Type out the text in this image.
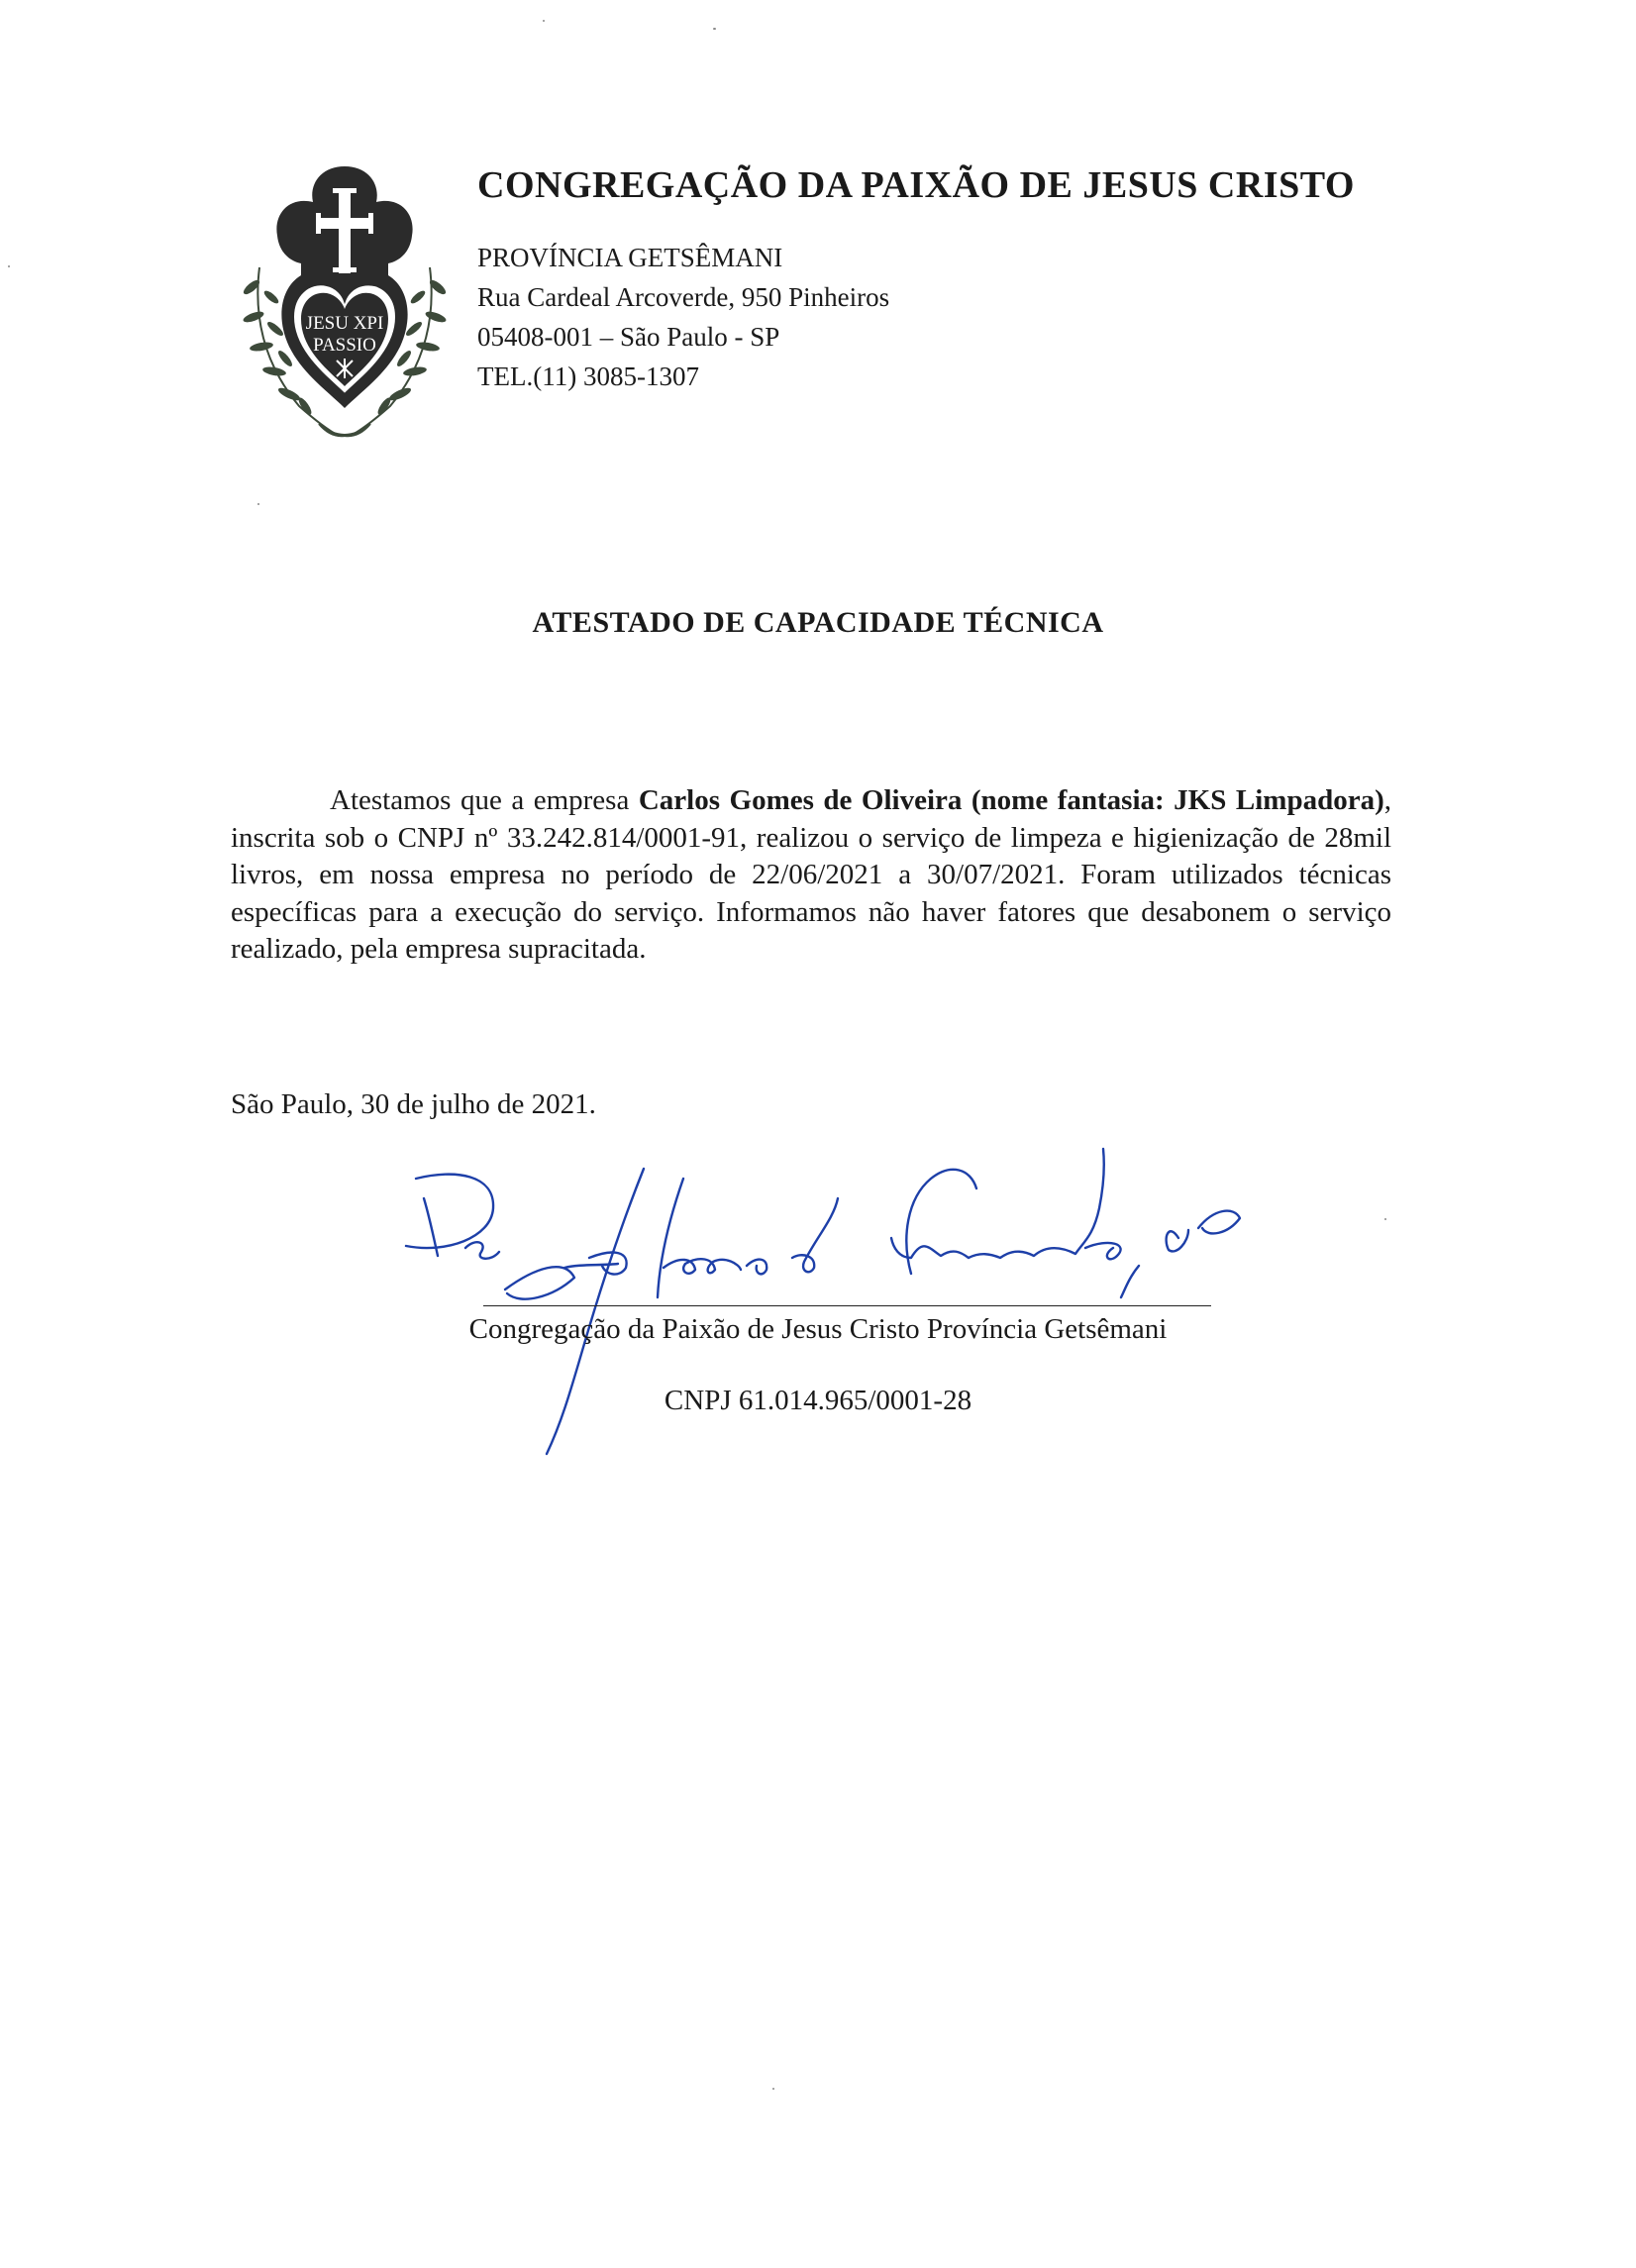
JESU XPI
PASSIO
CONGREGAÇÃO DA PAIXÃO DE JESUS CRISTO
PROVÍNCIA GETSÊMANI
Rua Cardeal Arcoverde, 950 Pinheiros
05408-001 – São Paulo - SP
TEL.(11) 3085-1307
ATESTADO DE CAPACIDADE TÉCNICA

Atestamos que a empresa Carlos Gomes de Oliveira (nome fantasia: JKS Limpadora), inscrita sob o CNPJ nº 33.242.814/0001-91, realizou o serviço de limpeza e higienização de 28mil livros, em nossa empresa no período de 22/06/2021 a 30/07/2021. Foram utilizados técnicas específicas para a execução do serviço. Informamos não haver fatores que desabonem o serviço realizado, pela empresa supracitada.

São Paulo, 30 de julho de 2021.
Congregação da Paixão de Jesus Cristo Província Getsêmani
CNPJ 61.014.965/0001-28
